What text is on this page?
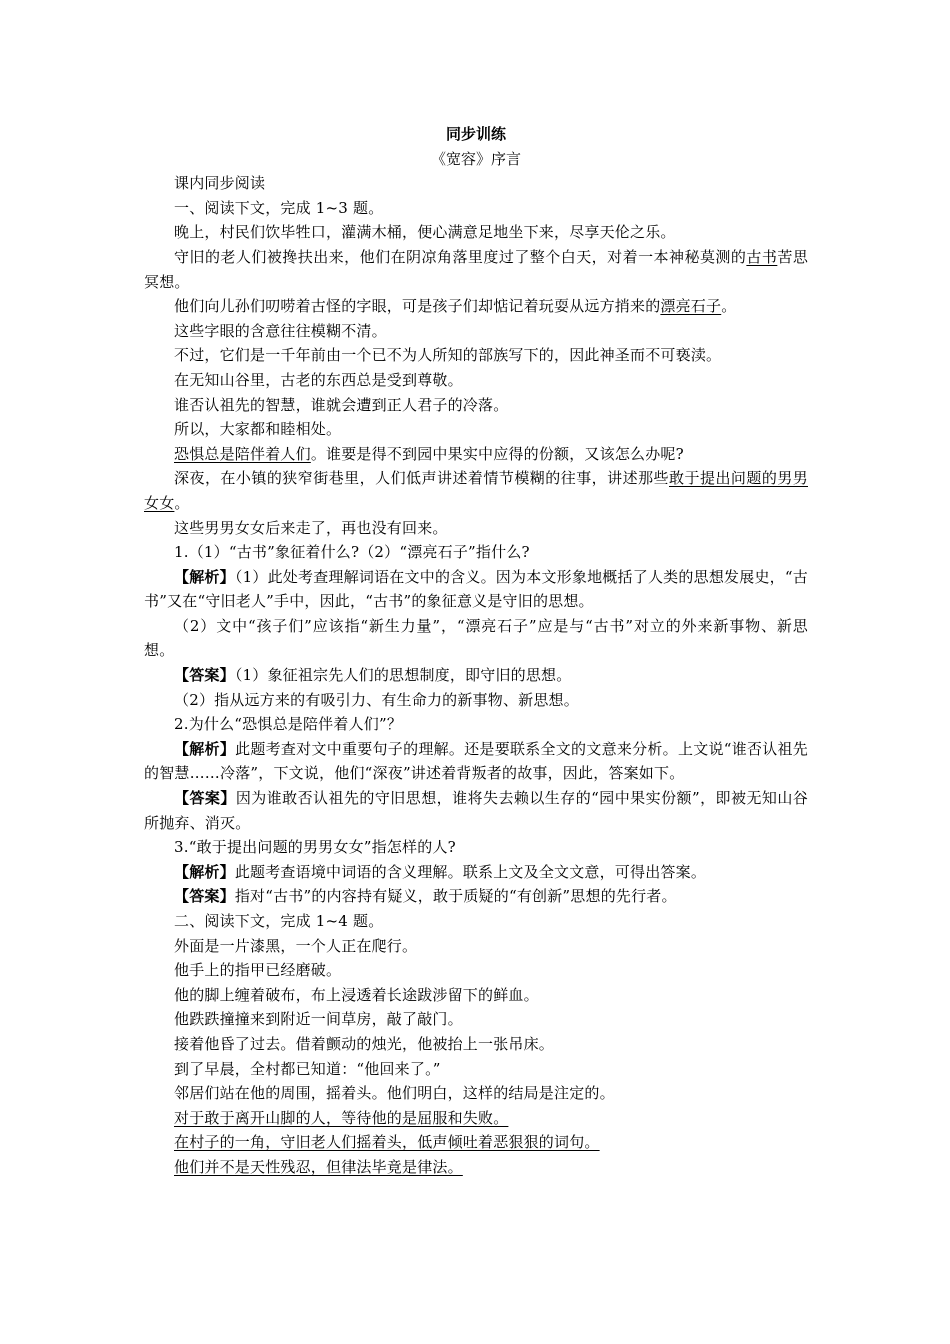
同步训练

《宽容》序言

课内同步阅读

一、阅读下文，完成 1~3 题。

晚上，村民们饮毕牲口，灌满木桶，便心满意足地坐下来，尽享天伦之乐。

守旧的老人们被搀扶出来，他们在阴凉角落里度过了整个白天，对着一本神秘莫测的古书苦思冥想。

他们向儿孙们叨唠着古怪的字眼，可是孩子们却惦记着玩耍从远方捎来的漂亮石子。

这些字眼的含意往往模糊不清。

不过，它们是一千年前由一个已不为人所知的部族写下的，因此神圣而不可亵渎。

在无知山谷里，古老的东西总是受到尊敬。

谁否认祖先的智慧，谁就会遭到正人君子的冷落。

所以，大家都和睦相处。

恐惧总是陪伴着人们。谁要是得不到园中果实中应得的份额，又该怎么办呢?

深夜，在小镇的狭窄街巷里，人们低声讲述着情节模糊的往事，讲述那些敢于提出问题的男男女女。

这些男男女女后来走了，再也没有回来。

1.（1）“古书”象征着什么?（2）“漂亮石子”指什么?

【解析】（1）此处考查理解词语在文中的含义。因为本文形象地概括了人类的思想发展史，“古书”又在“守旧老人”手中，因此，“古书”的象征意义是守旧的思想。

（2）文中“孩子们”应该指“新生力量”，“漂亮石子”应是与“古书”对立的外来新事物、新思想。

【答案】（1）象征祖宗先人们的思想制度，即守旧的思想。

（2）指从远方来的有吸引力、有生命力的新事物、新思想。

2.为什么“恐惧总是陪伴着人们”？

【解析】此题考查对文中重要句子的理解。还是要联系全文的文意来分析。上文说“谁否认祖先的智慧……冷落”，下文说，他们“深夜”讲述着背叛者的故事，因此，答案如下。

【答案】因为谁敢否认祖先的守旧思想，谁将失去赖以生存的“园中果实份额”，即被无知山谷所抛弃、消灭。

3.“敢于提出问题的男男女女”指怎样的人?

【解析】此题考查语境中词语的含义理解。联系上文及全文文意，可得出答案。

【答案】指对“古书”的内容持有疑义，敢于质疑的“有创新”思想的先行者。

二、阅读下文，完成 1~4 题。

外面是一片漆黑，一个人正在爬行。

他手上的指甲已经磨破。

他的脚上缠着破布，布上浸透着长途跋涉留下的鲜血。

他跌跌撞撞来到附近一间草房，敲了敲门。

接着他昏了过去。借着颤动的烛光，他被抬上一张吊床。

到了早晨，全村都已知道：“他回来了。”

邻居们站在他的周围，摇着头。他们明白，这样的结局是注定的。

对于敢于离开山脚的人，等待他的是屈服和失败。

在村子的一角，守旧老人们摇着头，低声倾吐着恶狠狠的词句。

他们并不是天性残忍，但律法毕竟是律法。
